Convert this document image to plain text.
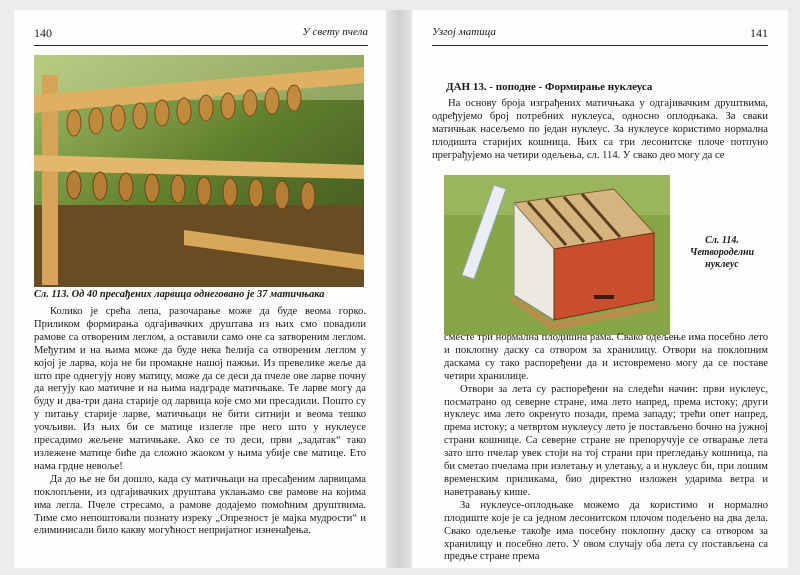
140	У свету пчела
Сл. 113. Од 40 пресађених ларвица однеговано је 37 матичњака

Колико је срећа лепа, разочарање може да буде веома горко. Приликом формирања одгајивачких друштава из њих смо повадили рамове са отвореним леглом, а оставили само оне са затвореним леглом. Међутим и на њима може да буде нека ћелија са отвореним леглом у којој је ларва, која не би промакне нашој пажњи. Из превеликe жеље да што пре однегују нову матицу, може да се деси да пчеле ове ларве почну да негују као матичне и на њима надграде матичњаке. Те ларве могу да буду и два-три дана старије од ларвица које смо ми пресадили. Пошто су у питању старије ларве, матичњаци не бити ситнији и веома тешко уочљиви. Из њих би се матице излегле пре него што у нуклеусе пресадимо жељене матичњаке. Ако се то деси, први „задатак“ тако излежене матице биће да сложно жаоком у њима убије све матице. Ето нама грдне невоље!

Да до ње не би дошло, када су матичњаци на пресађеним ларвицама поклопљени, из одгајивачких друштава уклањамо све рамове на којима има легла. Пчеле стресамо, а рамове додајемо помоћним друштвима. Тиме смо непоштовали познату изреку „Опрезност је мајка мудрости“ и елиминисали било какву могућност непријатног изненађења.

Узгој матица	141
ДАН 13. - поподне - Формирање нуклеуса

На основу броја изграђених матичњака у одгајивачким друштвима, одређујемо број потребних нуклеуса, односно оплодњака. За сваки матичњак насељемо по један нуклеус. За нуклеусе користимо нормална плодишта старијих кошница. Њих са три лесонитске плоче потпуно преграђујемо на четири одељења, сл. 114. У свако део могу да се

Сл. 114.
Четвороделни
нуклеус

сместе три нормална плодишна рама. Свако одељење има посебно лето и поклопну даску са отвором за хранилицу. Отвори на поклопним даскама су тако распоређени да и истовремено могу да се поставе четири хранилице.

Отвори за лета су распоређени на следећи начин: први нуклеус, посматрано од северне стране, има лето напред, према истоку; други нуклеус има лето окренуто позади, према западу; трећи опет напред, према истоку; а четвртом нуклеусу лето је постављено бочно на јужној страни кошнице. Са северне стране не препоручује се отварање лета зато што пчелар увек стоји на тој страни при прегледању кошница, па би сметао пчелама при излетању и улетању, а и нуклеус би, при лошим временским приликама, био директно изложен ударима ветра и наветравању кише.

За нуклеусе-оплодњаке можемо да користимо и нормално плодиште које је са једном лесонитском плочом подељено на два дела. Свако одељење такође има посебну поклопну даску са отвором за хранилицу и посебно лето. У овом случају оба лета су постављена са предње стране према
